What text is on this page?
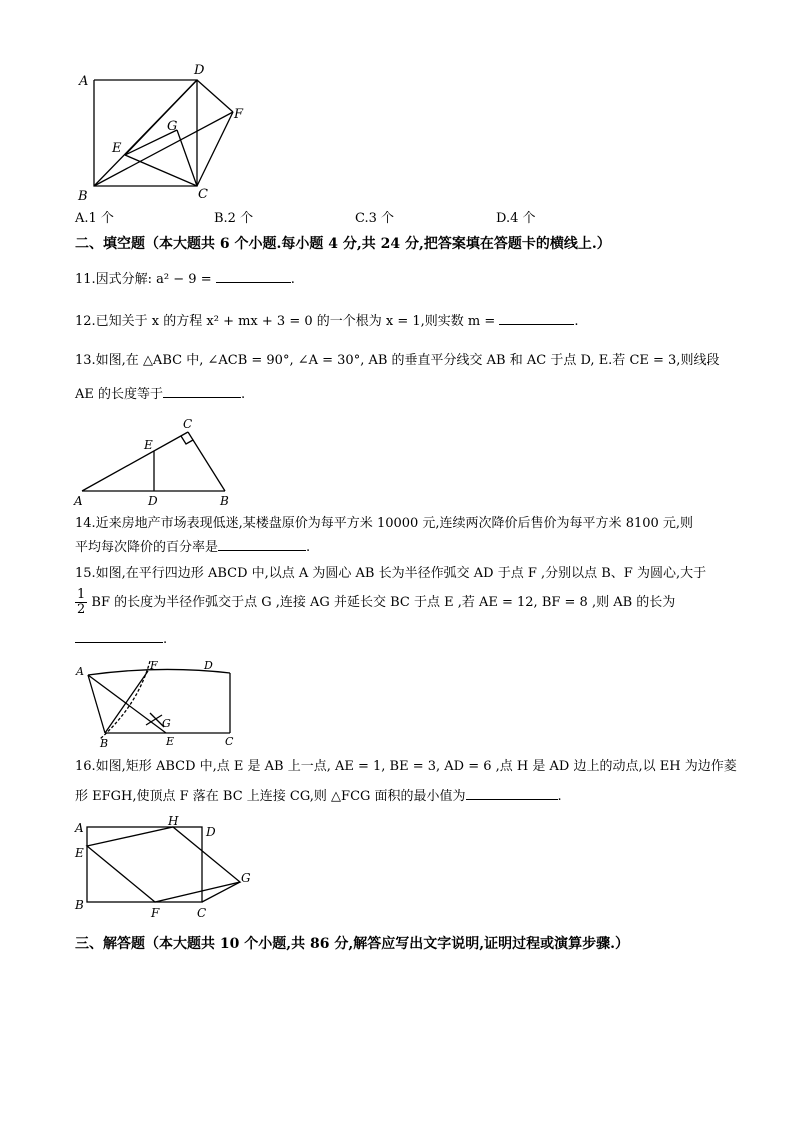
A
D
F
G
E
B	C
A.1 个	B.2 个	C.3 个	D.4 个
二、填空题（本大题共 6 个小题.每小题 4 分,共 24 分,把答案填在答题卡的横线上.）
11.因式分解: a² − 9 =	.
12.已知关于 x 的方程 x² + mx + 3 = 0 的一个根为 x = 1,则实数 m =	.
13.如图,在 △ABC 中, ∠ACB = 90°, ∠A = 30°, AB 的垂直平分线交 AB 和 AC 于点 D, E.若 CE = 3,则线段
AE 的长度等于	.
A	D	B
E
C
14.近来房地产市场表现低迷,某楼盘原价为每平方米 10000 元,连续两次降价后售价为每平方米 8100 元,则
平均每次降价的百分率是	.
15.如图,在平行四边形 ABCD 中,以点 A 为圆心 AB 长为半径作弧交 AD 于点 F ,分别以点 B、F 为圆心,大于
$\frac{1}{2}$ BF 的长度为半径作弧交于点 G ,连接 AG 并延长交 BC 于点 E ,若 AE = 12, BF = 8 ,则 AB 的长为
.
A	F	D
G
B	E	C
16.如图,矩形 ABCD 中,点 E 是 AB 上一点, AE = 1, BE = 3, AD = 6 ,点 H 是 AD 边上的动点,以 EH 为边作菱
形 EFGH,使顶点 F 落在 BC 上连接 CG,则 △FCG 面积的最小值为	.
A	H
D
E
G
B
F	C
三、解答题（本大题共 10 个小题,共 86 分,解答应写出文字说明,证明过程或演算步骤.）
